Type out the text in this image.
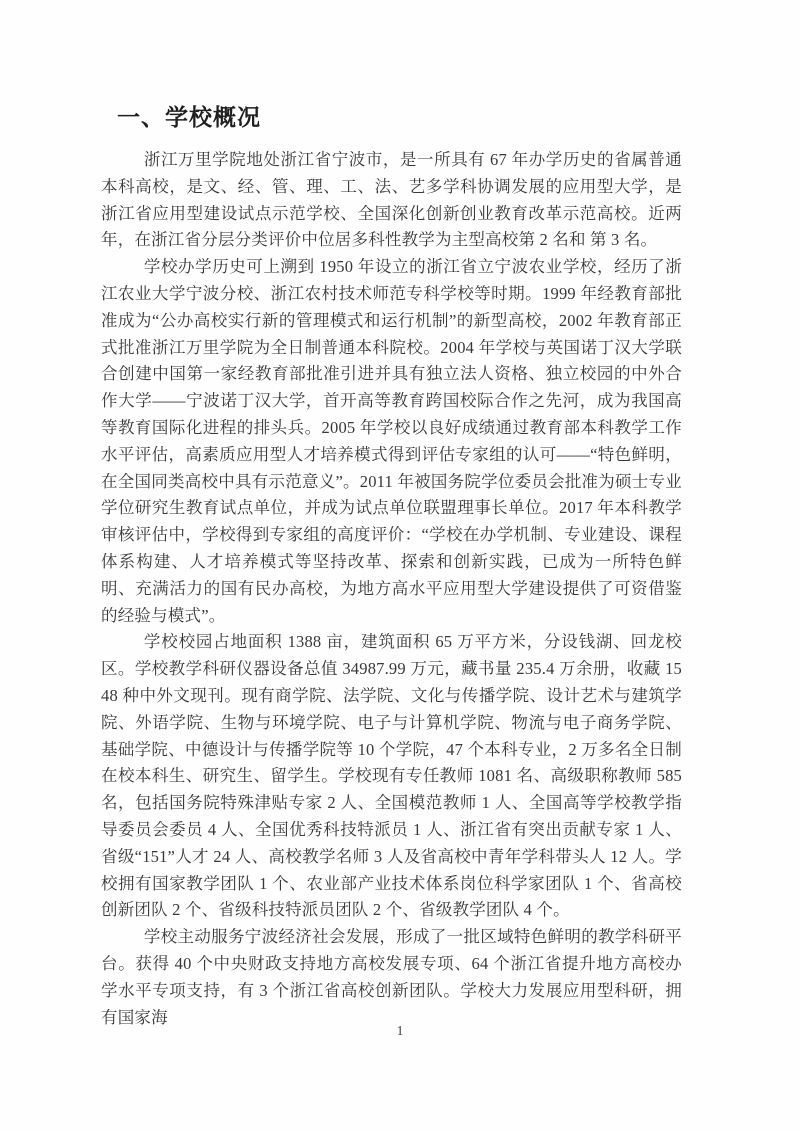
一、学校概况

浙江万里学院地处浙江省宁波市，是一所具有 67 年办学历史的省属普通本科高校，是文、经、管、理、工、法、艺多学科协调发展的应用型大学，是浙江省应用型建设试点示范学校、全国深化创新创业教育改革示范高校。近两年，在浙江省分层分类评价中位居多科性教学为主型高校第 2 名和 第 3 名。

学校办学历史可上溯到 1950 年设立的浙江省立宁波农业学校，经历了浙江农业大学宁波分校、浙江农村技术师范专科学校等时期。1999 年经教育部批准成为“公办高校实行新的管理模式和运行机制”的新型高校，2002 年教育部正式批准浙江万里学院为全日制普通本科院校。2004 年学校与英国诺丁汉大学联合创建中国第一家经教育部批准引进并具有独立法人资格、独立校园的中外合作大学——宁波诺丁汉大学，首开高等教育跨国校际合作之先河，成为我国高等教育国际化进程的排头兵。2005 年学校以良好成绩通过教育部本科教学工作水平评估，高素质应用型人才培养模式得到评估专家组的认可——“特色鲜明，在全国同类高校中具有示范意义”。2011 年被国务院学位委员会批准为硕士专业学位研究生教育试点单位，并成为试点单位联盟理事长单位。2017 年本科教学审核评估中，学校得到专家组的高度评价：“学校在办学机制、专业建设、课程体系构建、人才培养模式等坚持改革、探索和创新实践，已成为一所特色鲜明、充满活力的国有民办高校，为地方高水平应用型大学建设提供了可资借鉴的经验与模式”。

学校校园占地面积 1388 亩，建筑面积 65 万平方米，分设钱湖、回龙校区。学校教学科研仪器设备总值 34987.99 万元，藏书量 235.4 万余册，收藏 1548 种中外文现刊。现有商学院、法学院、文化与传播学院、设计艺术与建筑学院、外语学院、生物与环境学院、电子与计算机学院、物流与电子商务学院、基础学院、中德设计与传播学院等 10 个学院，47 个本科专业，2 万多名全日制在校本科生、研究生、留学生。学校现有专任教师 1081 名、高级职称教师 585 名，包括国务院特殊津贴专家 2 人、全国模范教师 1 人、全国高等学校教学指导委员会委员 4 人、全国优秀科技特派员 1 人、浙江省有突出贡献专家 1 人、省级“151”人才 24 人、高校教学名师 3 人及省高校中青年学科带头人 12 人。学校拥有国家教学团队 1 个、农业部产业技术体系岗位科学家团队 1 个、省高校创新团队 2 个、省级科技特派员团队 2 个、省级教学团队 4 个。

学校主动服务宁波经济社会发展，形成了一批区域特色鲜明的教学科研平台。获得 40 个中央财政支持地方高校发展专项、64 个浙江省提升地方高校办学水平专项支持，有 3 个浙江省高校创新团队。学校大力发展应用型科研，拥有国家海

1
